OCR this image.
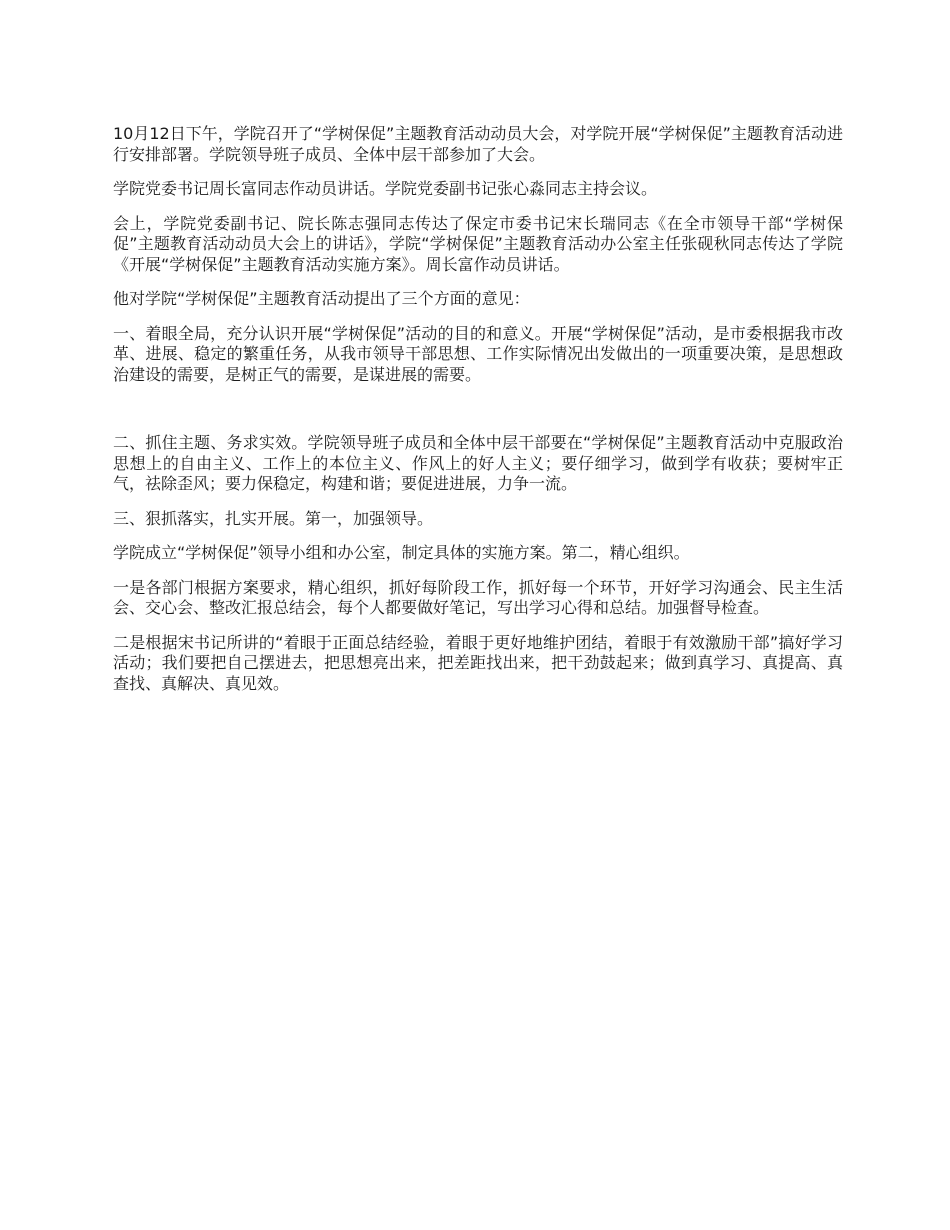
10月12日下午，学院召开了“学树保促”主题教育活动动员大会，对学院开展“学树保促”主题教育活动进行安排部署。学院领导班子成员、全体中层干部参加了大会。

学院党委书记周长富同志作动员讲话。学院党委副书记张心淼同志主持会议。

会上，学院党委副书记、院长陈志强同志传达了保定市委书记宋长瑞同志《在全市领导干部“学树保促”主题教育活动动员大会上的讲话》，学院“学树保促”主题教育活动办公室主任张砚秋同志传达了学院《开展“学树保促”主题教育活动实施方案》。周长富作动员讲话。

他对学院“学树保促”主题教育活动提出了三个方面的意见：

一、着眼全局，充分认识开展“学树保促”活动的目的和意义。开展“学树保促”活动，是市委根据我市改革、进展、稳定的繁重任务，从我市领导干部思想、工作实际情况出发做出的一项重要决策，是思想政治建设的需要，是树正气的需要，是谋进展的需要。

二、抓住主题、务求实效。学院领导班子成员和全体中层干部要在“学树保促”主题教育活动中克服政治思想上的自由主义、工作上的本位主义、作风上的好人主义；要仔细学习，做到学有收获；要树牢正气，祛除歪风；要力保稳定，构建和谐；要促进进展，力争一流。

三、狠抓落实，扎实开展。第一，加强领导。

学院成立“学树保促”领导小组和办公室，制定具体的实施方案。第二，精心组织。

一是各部门根据方案要求，精心组织，抓好每阶段工作，抓好每一个环节，开好学习沟通会、民主生活会、交心会、整改汇报总结会，每个人都要做好笔记，写出学习心得和总结。加强督导检查。

二是根据宋书记所讲的“着眼于正面总结经验，着眼于更好地维护团结，着眼于有效激励干部”搞好学习活动；我们要把自己摆进去，把思想亮出来，把差距找出来，把干劲鼓起来；做到真学习、真提高、真查找、真解决、真见效。
